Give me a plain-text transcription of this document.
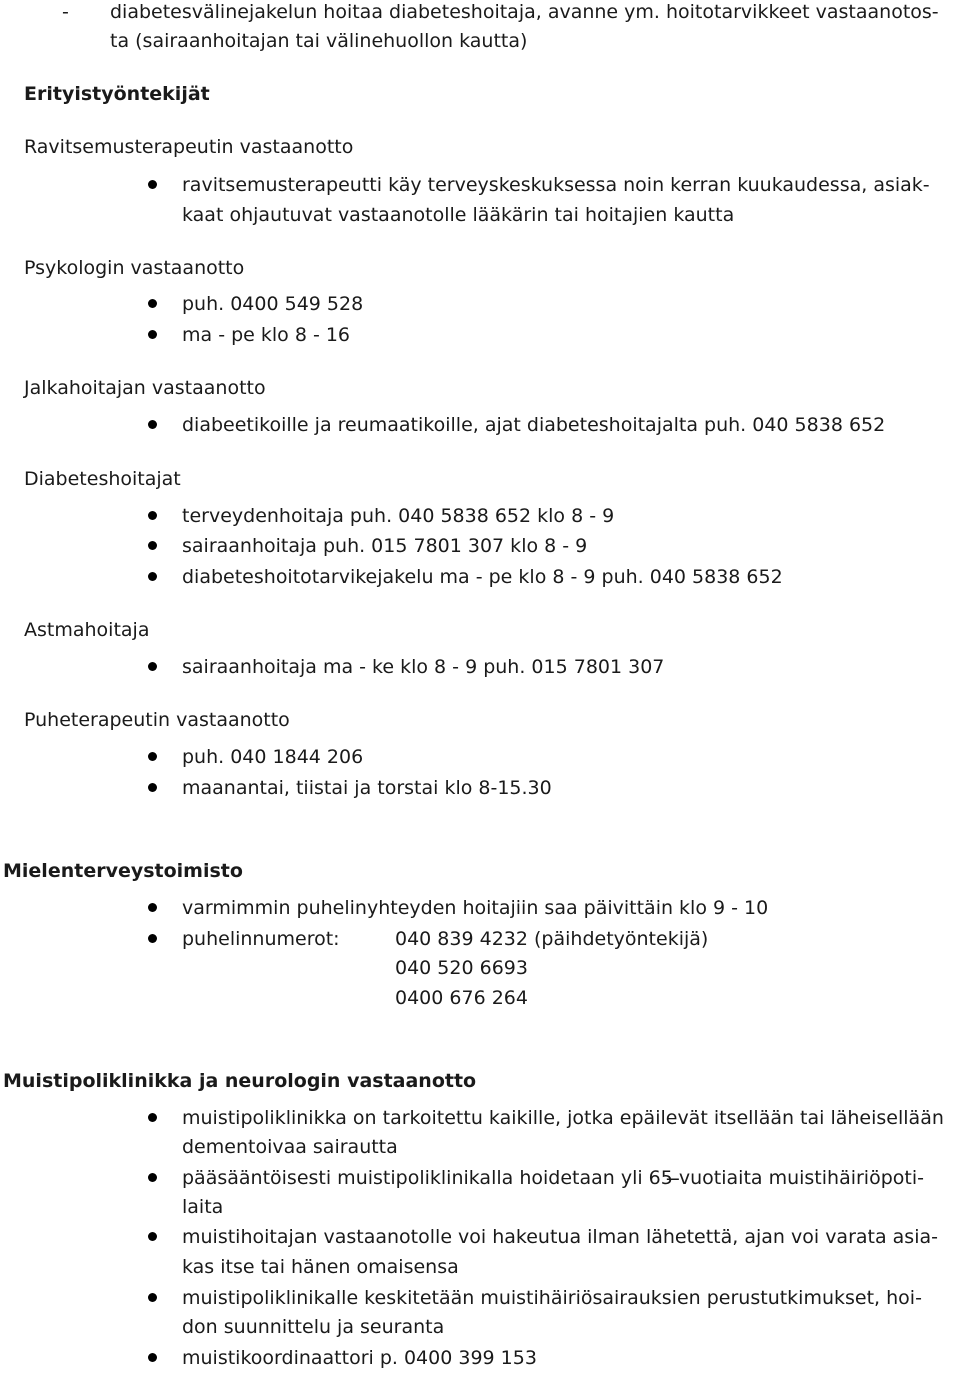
- diabetesvälinejakelun hoitaa diabeteshoitaja, avanne ym. hoitotarvikkeet vastaanotos-
ta (sairaanhoitajan tai välinehuollon kautta)
Erityistyöntekijät
Ravitsemusterapeutin vastaanotto
ravitsemusterapeutti käy terveyskeskuksessa noin kerran kuukaudessa, asiak-
kaat ohjautuvat vastaanotolle lääkärin tai hoitajien kautta
Psykologin vastaanotto
puh. 0400 549 528
ma - pe klo 8 - 16
Jalkahoitajan vastaanotto
diabeetikoille ja reumaatikoille, ajat diabeteshoitajalta puh. 040 5838 652
Diabeteshoitajat
terveydenhoitaja puh. 040 5838 652 klo 8 - 9
sairaanhoitaja puh. 015 7801 307 klo 8 - 9
diabeteshoitotarvikejakelu ma - pe klo 8 - 9 puh. 040 5838 652
Astmahoitaja
sairaanhoitaja ma - ke klo 8 - 9 puh. 015 7801 307
Puheterapeutin vastaanotto
puh. 040 1844 206
maanantai, tiistai ja torstai klo 8-15.30
Mielenterveystoimisto
varmimmin puhelinyhteyden hoitajiin saa päivittäin klo 9 - 10
puhelinnumerot:	040 839 4232 (päihdetyöntekijä)
040 520 6693
0400 676 264
Muistipoliklinikka ja neurologin vastaanotto
muistipoliklinikka on tarkoitettu kaikille, jotka epäilevät itsellään tai läheisellään
dementoivaa sairautta
pääsääntöisesti muistipoliklinikalla hoidetaan yli 65 ̶vuotiaita muistihäiriöpoti-
laita
muistihoitajan vastaanotolle voi hakeutua ilman lähetettä, ajan voi varata asia-
kas itse tai hänen omaisensa
muistipoliklinikalle keskitetään muistihäiriösairauksien perustutkimukset, hoi-
don suunnittelu ja seuranta
muistikoordinaattori p. 0400 399 153
